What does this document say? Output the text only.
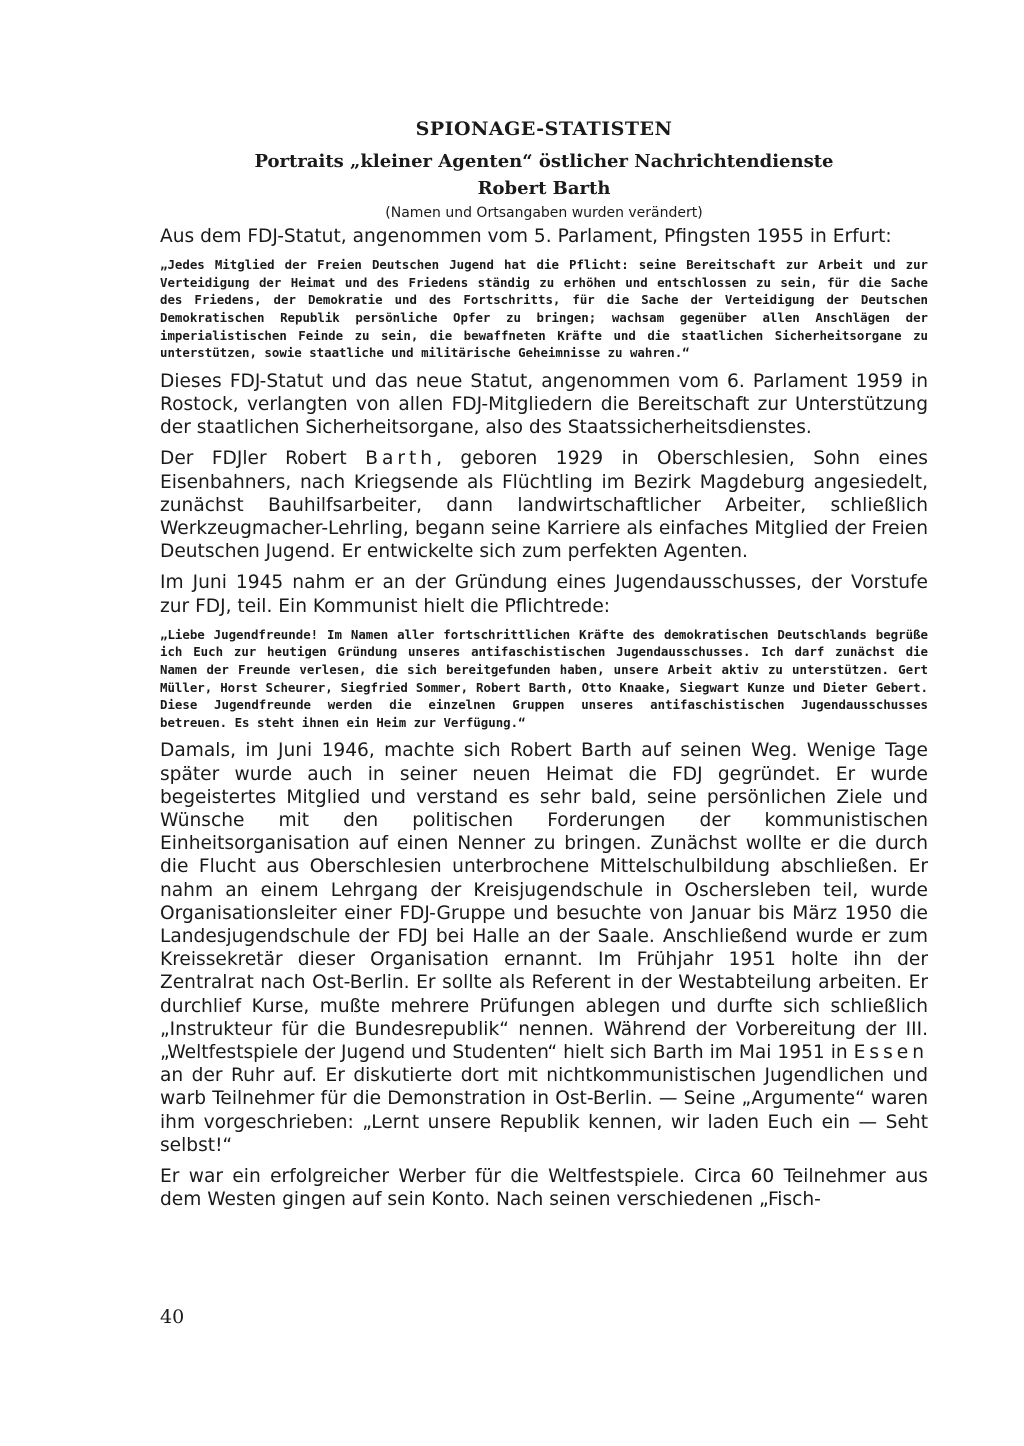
SPIONAGE-STATISTEN
Portraits „kleiner Agenten“ östlicher Nachrichtendienste
Robert Barth
(Namen und Ortsangaben wurden verändert)

Aus dem FDJ-Statut, angenommen vom 5. Parlament, Pfingsten 1955 in Erfurt:

„Jedes Mitglied der Freien Deutschen Jugend hat die Pflicht: seine Bereitschaft zur Arbeit und zur Verteidigung der Heimat und des Friedens ständig zu erhöhen und entschlossen zu sein, für die Sache des Friedens, der Demokratie und des Fortschritts, für die Sache der Verteidigung der Deutschen Demokratischen Republik persönliche Opfer zu bringen; wachsam gegenüber allen Anschlägen der imperialistischen Feinde zu sein, die bewaffneten Kräfte und die staatlichen Sicherheitsorgane zu unterstützen, sowie staatliche und militärische Geheimnisse zu wahren.“

Dieses FDJ-Statut und das neue Statut, angenommen vom 6. Parlament 1959 in Rostock, verlangten von allen FDJ-Mitgliedern die Bereitschaft zur Unterstützung der staatlichen Sicherheitsorgane, also des Staatssicherheitsdienstes.

Der FDJler Robert Barth, geboren 1929 in Oberschlesien, Sohn eines Eisenbahners, nach Kriegsende als Flüchtling im Bezirk Magdeburg angesiedelt, zunächst Bauhilfsarbeiter, dann landwirtschaftlicher Arbeiter, schließlich Werkzeugmacher-Lehrling, begann seine Karriere als einfaches Mitglied der Freien Deutschen Jugend. Er entwickelte sich zum perfekten Agenten.

Im Juni 1945 nahm er an der Gründung eines Jugendausschusses, der Vorstufe zur FDJ, teil. Ein Kommunist hielt die Pflichtrede:

„Liebe Jugendfreunde! Im Namen aller fortschrittlichen Kräfte des demokratischen Deutschlands begrüße ich Euch zur heutigen Gründung unseres antifaschistischen Jugendausschusses. Ich darf zunächst die Namen der Freunde verlesen, die sich bereitgefunden haben, unsere Arbeit aktiv zu unterstützen. Gert Müller, Horst Scheurer, Siegfried Sommer, Robert Barth, Otto Knaake, Siegwart Kunze und Dieter Gebert. Diese Jugendfreunde werden die einzelnen Gruppen unseres antifaschistischen Jugendausschusses betreuen. Es steht ihnen ein Heim zur Verfügung.“

Damals, im Juni 1946, machte sich Robert Barth auf seinen Weg. Wenige Tage später wurde auch in seiner neuen Heimat die FDJ gegründet. Er wurde begeistertes Mitglied und verstand es sehr bald, seine persönlichen Ziele und Wünsche mit den politischen Forderungen der kommunistischen Einheitsorganisation auf einen Nenner zu bringen. Zunächst wollte er die durch die Flucht aus Oberschlesien unterbrochene Mittelschulbildung abschließen. Er nahm an einem Lehrgang der Kreisjugendschule in Oschersleben teil, wurde Organisationsleiter einer FDJ-Gruppe und besuchte von Januar bis März 1950 die Landesjugendschule der FDJ bei Halle an der Saale. Anschließend wurde er zum Kreissekretär dieser Organisation ernannt. Im Frühjahr 1951 holte ihn der Zentralrat nach Ost-Berlin. Er sollte als Referent in der Westabteilung arbeiten. Er durchlief Kurse, mußte mehrere Prüfungen ablegen und durfte sich schließlich „Instrukteur für die Bundesrepublik“ nennen. Während der Vorbereitung der III. „Weltfestspiele der Jugend und Studenten“ hielt sich Barth im Mai 1951 in Essen an der Ruhr auf. Er diskutierte dort mit nichtkommunistischen Jugendlichen und warb Teilnehmer für die Demonstration in Ost-Berlin. — Seine „Argumente“ waren ihm vorgeschrieben: „Lernt unsere Republik kennen, wir laden Euch ein — Seht selbst!“

Er war ein erfolgreicher Werber für die Weltfestspiele. Circa 60 Teilnehmer aus dem Westen gingen auf sein Konto. Nach seinen verschiedenen „Fisch-

40
